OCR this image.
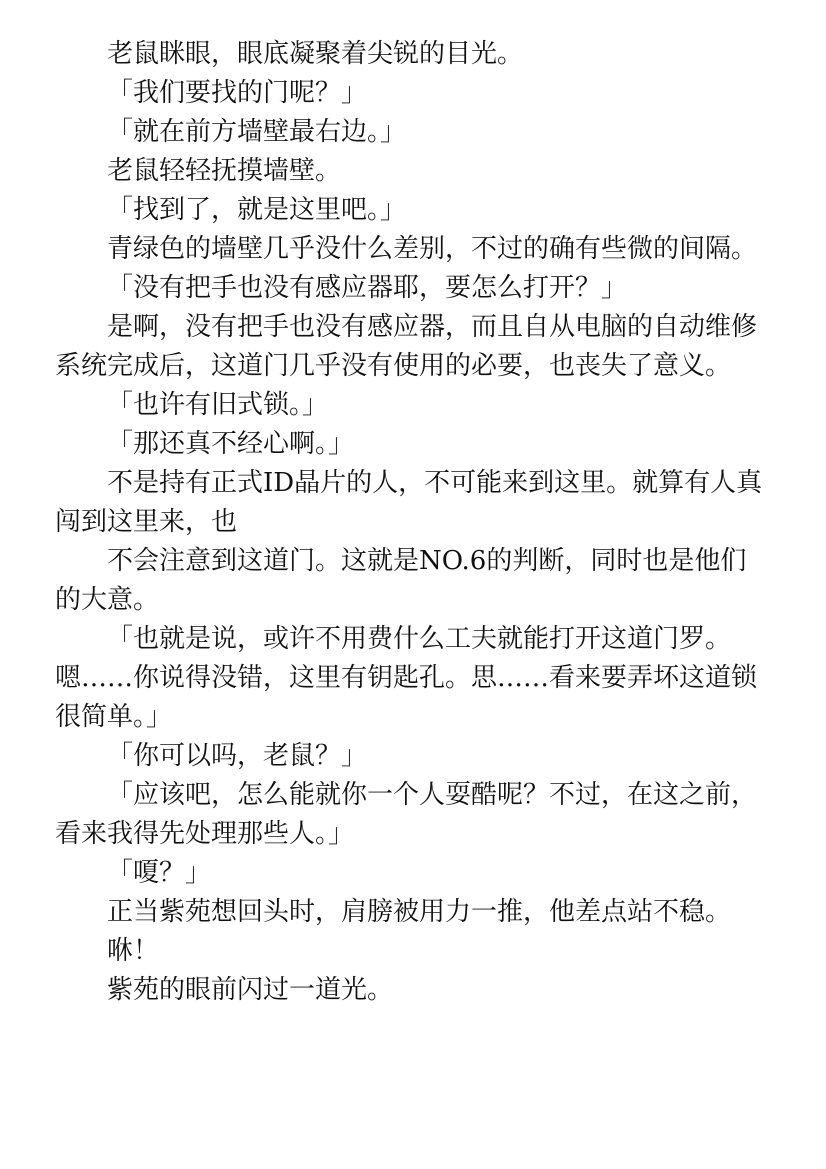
老鼠眯眼，眼底凝聚着尖锐的目光。

「我们要找的门呢？」

「就在前方墙壁最右边。」

老鼠轻轻抚摸墙壁。

「找到了，就是这里吧。」

青绿色的墙壁几乎没什么差别，不过的确有些微的间隔。

「没有把手也没有感应器耶，要怎么打开？」

是啊，没有把手也没有感应器，而且自从电脑的自动维修系统完成后，这道门几乎没有使用的必要，也丧失了意义。

「也许有旧式锁。」

「那还真不经心啊。」

不是持有正式ID晶片的人，不可能来到这里。就算有人真闯到这里来，也

不会注意到这道门。这就是NO.6的判断，同时也是他们的大意。

「也就是说，或许不用费什么工夫就能打开这道门罗。嗯……你说得没错，这里有钥匙孔。思……看来要弄坏这道锁很简单。」

「你可以吗，老鼠？」

「应该吧，怎么能就你一个人耍酷呢？不过，在这之前，看来我得先处理那些人。」

「嗄？」

正当紫苑想回头时，肩膀被用力一推，他差点站不稳。

咻！

紫苑的眼前闪过一道光。
